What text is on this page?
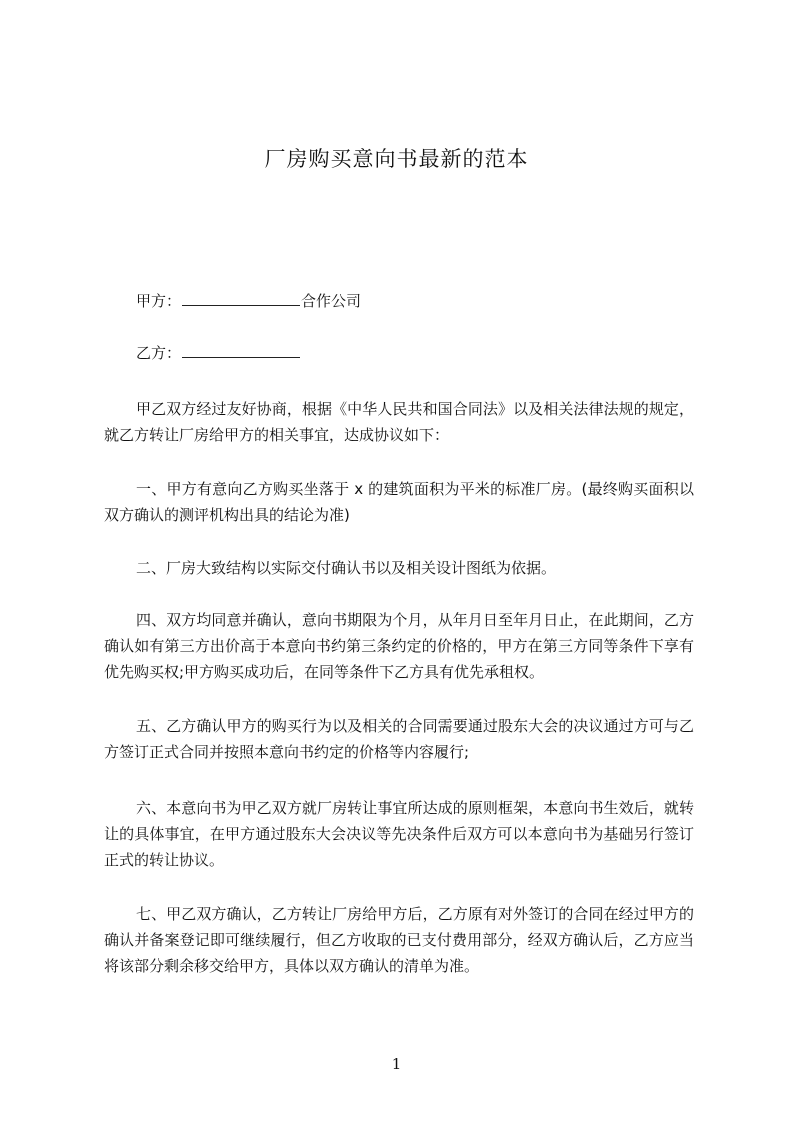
厂房购买意向书最新的范本
甲方：	合作公司
乙方：
甲乙双方经过友好协商，根据《中华人民共和国合同法》以及相关法律法规的规定，就乙方转让厂房给甲方的相关事宜，达成协议如下：
一、甲方有意向乙方购买坐落于 x 的建筑面积为平米的标准厂房。(最终购买面积以双方确认的测评机构出具的结论为准)
二、厂房大致结构以实际交付确认书以及相关设计图纸为依据。
四、双方均同意并确认，意向书期限为个月，从年月日至年月日止，在此期间，乙方确认如有第三方出价高于本意向书约第三条约定的价格的，甲方在第三方同等条件下享有优先购买权;甲方购买成功后，在同等条件下乙方具有优先承租权。
五、乙方确认甲方的购买行为以及相关的合同需要通过股东大会的决议通过方可与乙方签订正式合同并按照本意向书约定的价格等内容履行;
六、本意向书为甲乙双方就厂房转让事宜所达成的原则框架，本意向书生效后，就转让的具体事宜，在甲方通过股东大会决议等先决条件后双方可以本意向书为基础另行签订正式的转让协议。
七、甲乙双方确认，乙方转让厂房给甲方后，乙方原有对外签订的合同在经过甲方的确认并备案登记即可继续履行，但乙方收取的已支付费用部分，经双方确认后，乙方应当将该部分剩余移交给甲方，具体以双方确认的清单为准。
1
